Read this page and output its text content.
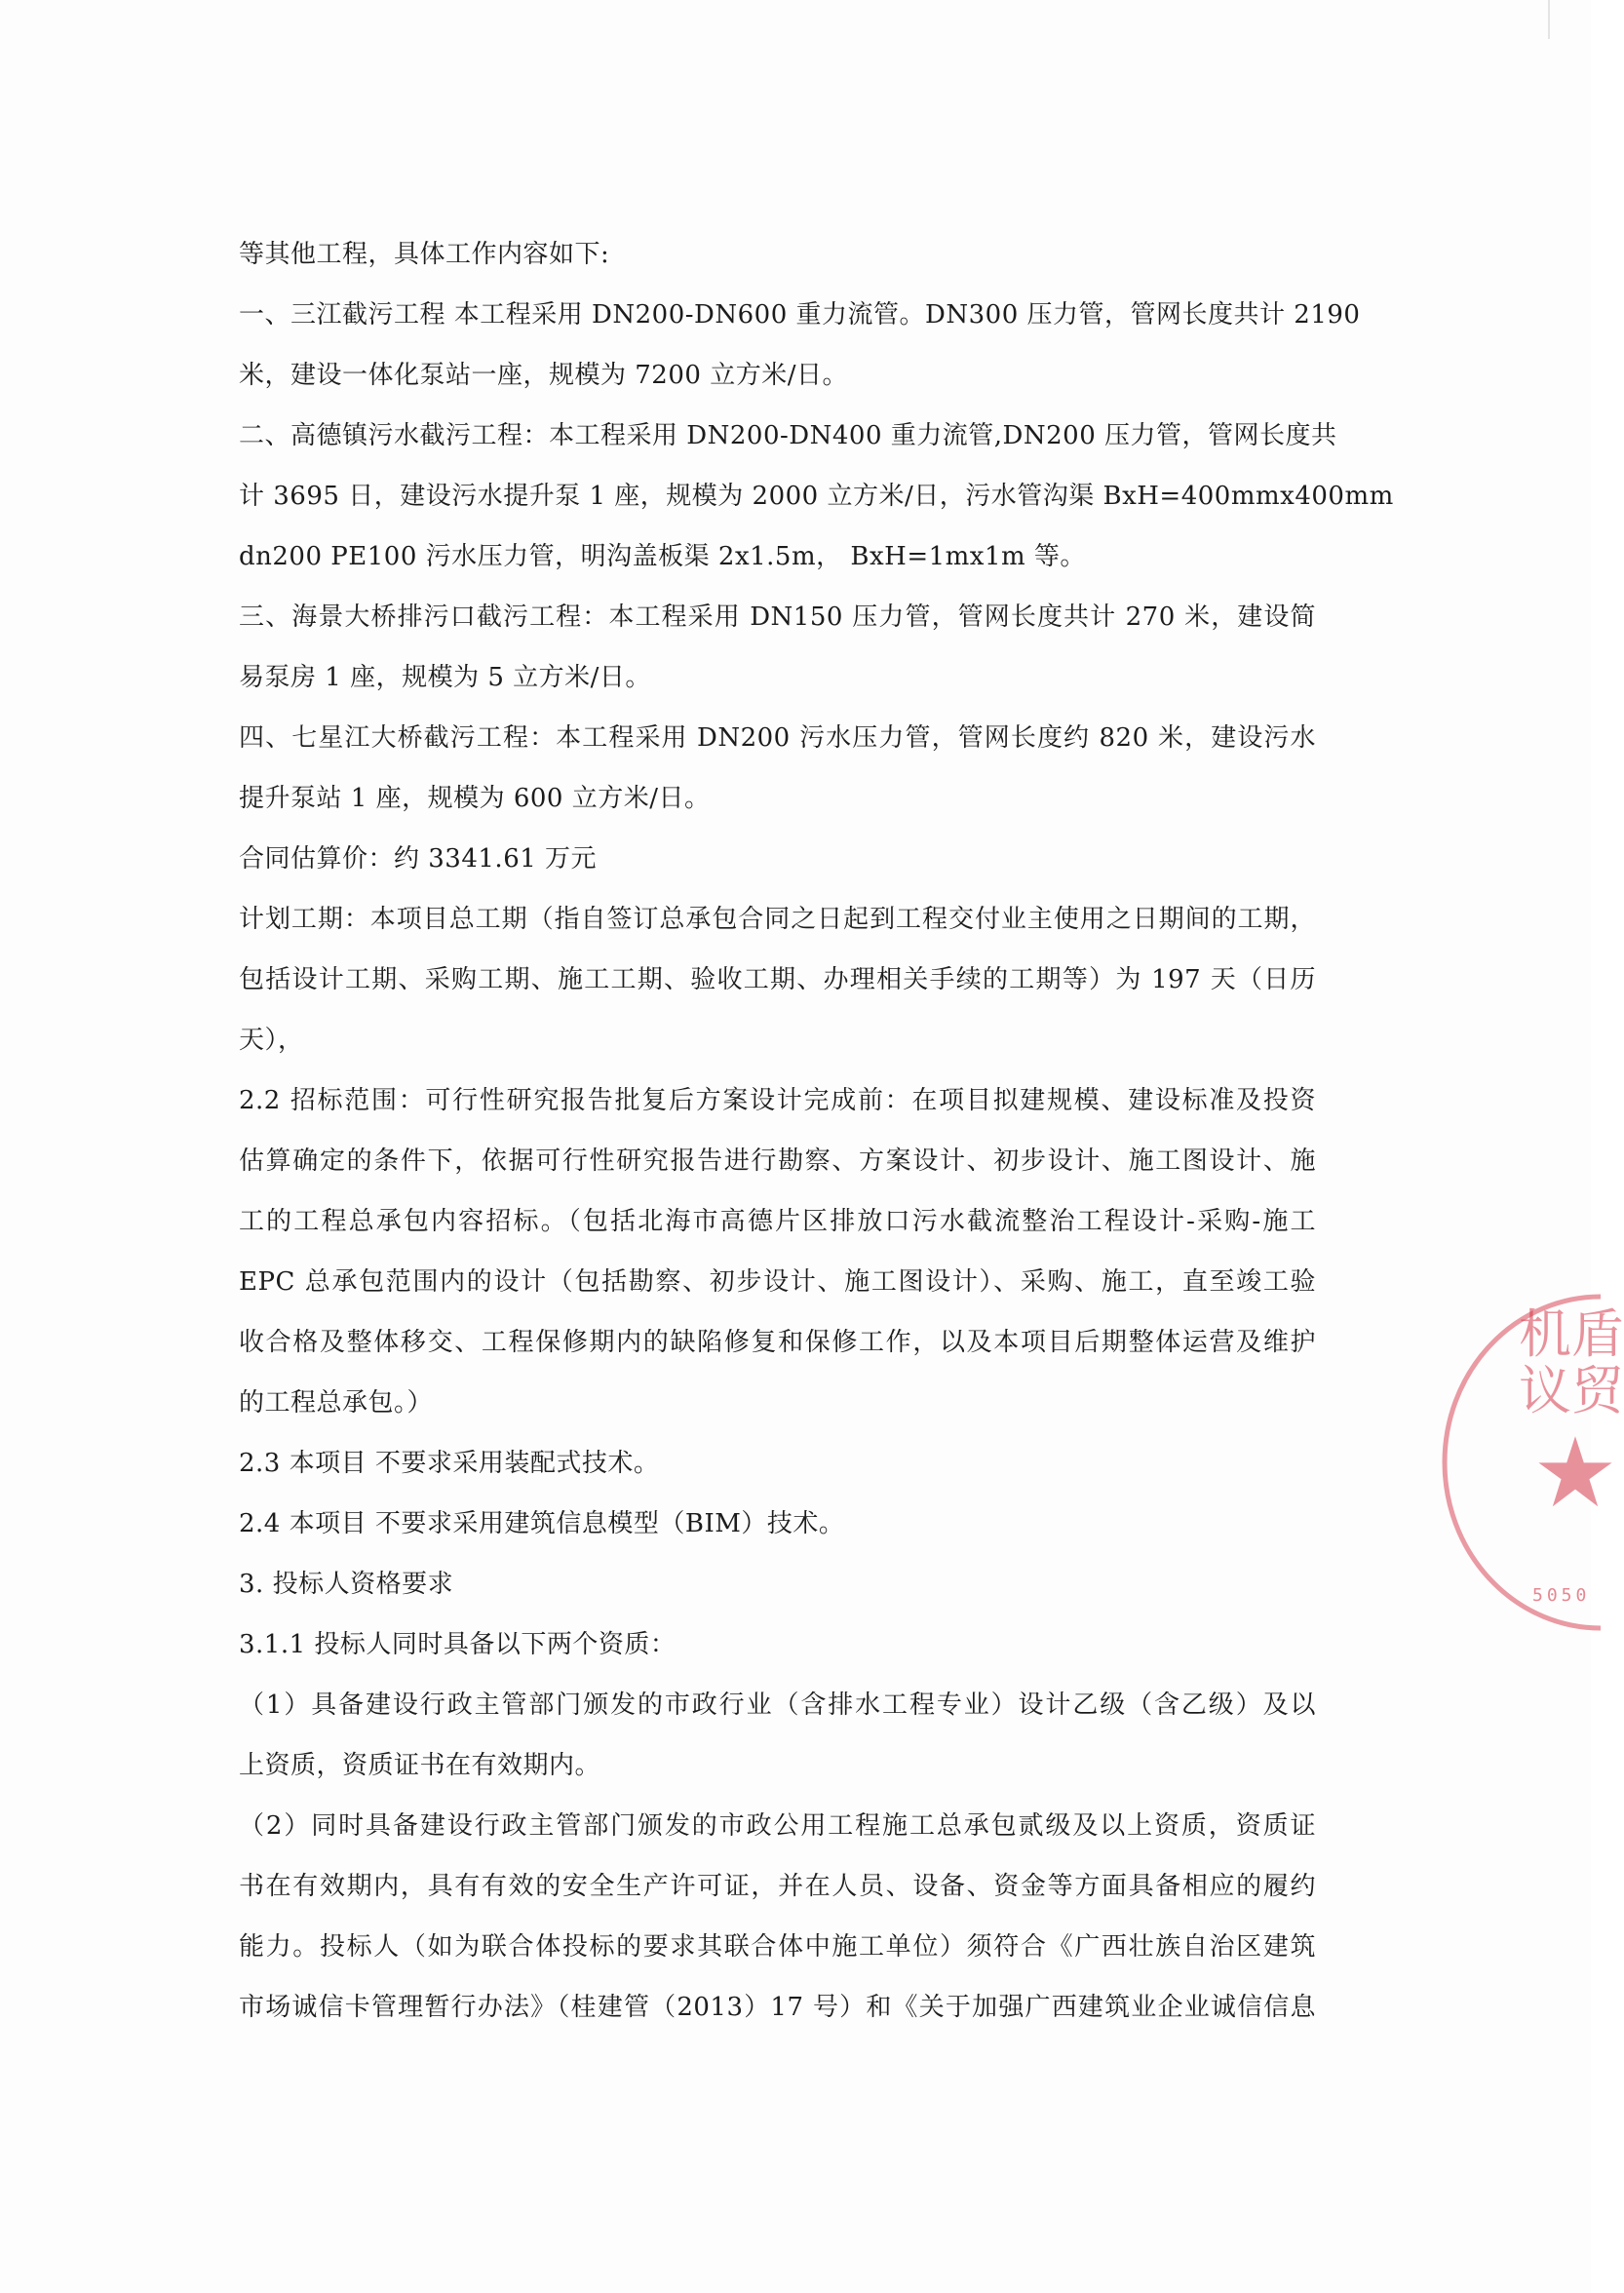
等其他工程，具体工作内容如下:
一、三江截污工程 本工程采用 DN200-DN600 重力流管。DN300 压力管，管网长度共计 2190
米，建设一体化泵站一座，规模为 7200 立方米/日。
二、高德镇污水截污工程：本工程采用 DN200-DN400 重力流管,DN200 压力管，管网长度共
计 3695 日，建设污水提升泵 1 座，规模为 2000 立方米/日，污水管沟渠 BxH=400mmx400mm
dn200 PE100 污水压力管，明沟盖板渠 2x1.5m， BxH=1mx1m 等。
三、海景大桥排污口截污工程：本工程采用 DN150 压力管，管网长度共计 270 米，建设简
易泵房 1 座，规模为 5 立方米/日。
四、七星江大桥截污工程：本工程采用 DN200 污水压力管，管网长度约 820 米，建设污水
提升泵站 1 座，规模为 600 立方米/日。
合同估算价：约 3341.61 万元
计划工期：本项目总工期（指自签订总承包合同之日起到工程交付业主使用之日期间的工期，
包括设计工期、采购工期、施工工期、验收工期、办理相关手续的工期等）为 197 天（日历
天），
2.2 招标范围：可行性研究报告批复后方案设计完成前：在项目拟建规模、建设标准及投资
估算确定的条件下，依据可行性研究报告进行勘察、方案设计、初步设计、施工图设计、施
工的工程总承包内容招标。（包括北海市高德片区排放口污水截流整治工程设计-采购-施工
EPC 总承包范围内的设计（包括勘察、初步设计、施工图设计）、采购、施工，直至竣工验
收合格及整体移交、工程保修期内的缺陷修复和保修工作，以及本项目后期整体运营及维护
的工程总承包。）
2.3 本项目 不要求采用装配式技术。
2.4 本项目 不要求采用建筑信息模型（BIM）技术。
3. 投标人资格要求
3.1.1 投标人同时具备以下两个资质：
（1）具备建设行政主管部门颁发的市政行业（含排水工程专业）设计乙级（含乙级）及以
上资质，资质证书在有效期内。
（2）同时具备建设行政主管部门颁发的市政公用工程施工总承包贰级及以上资质，资质证
书在有效期内，具有有效的安全生产许可证，并在人员、设备、资金等方面具备相应的履约
能力。投标人（如为联合体投标的要求其联合体中施工单位）须符合《广西壮族自治区建筑
市场诚信卡管理暂行办法》（桂建管（2013）17 号）和《关于加强广西建筑业企业诚信信息
机盾
议贸
5050
